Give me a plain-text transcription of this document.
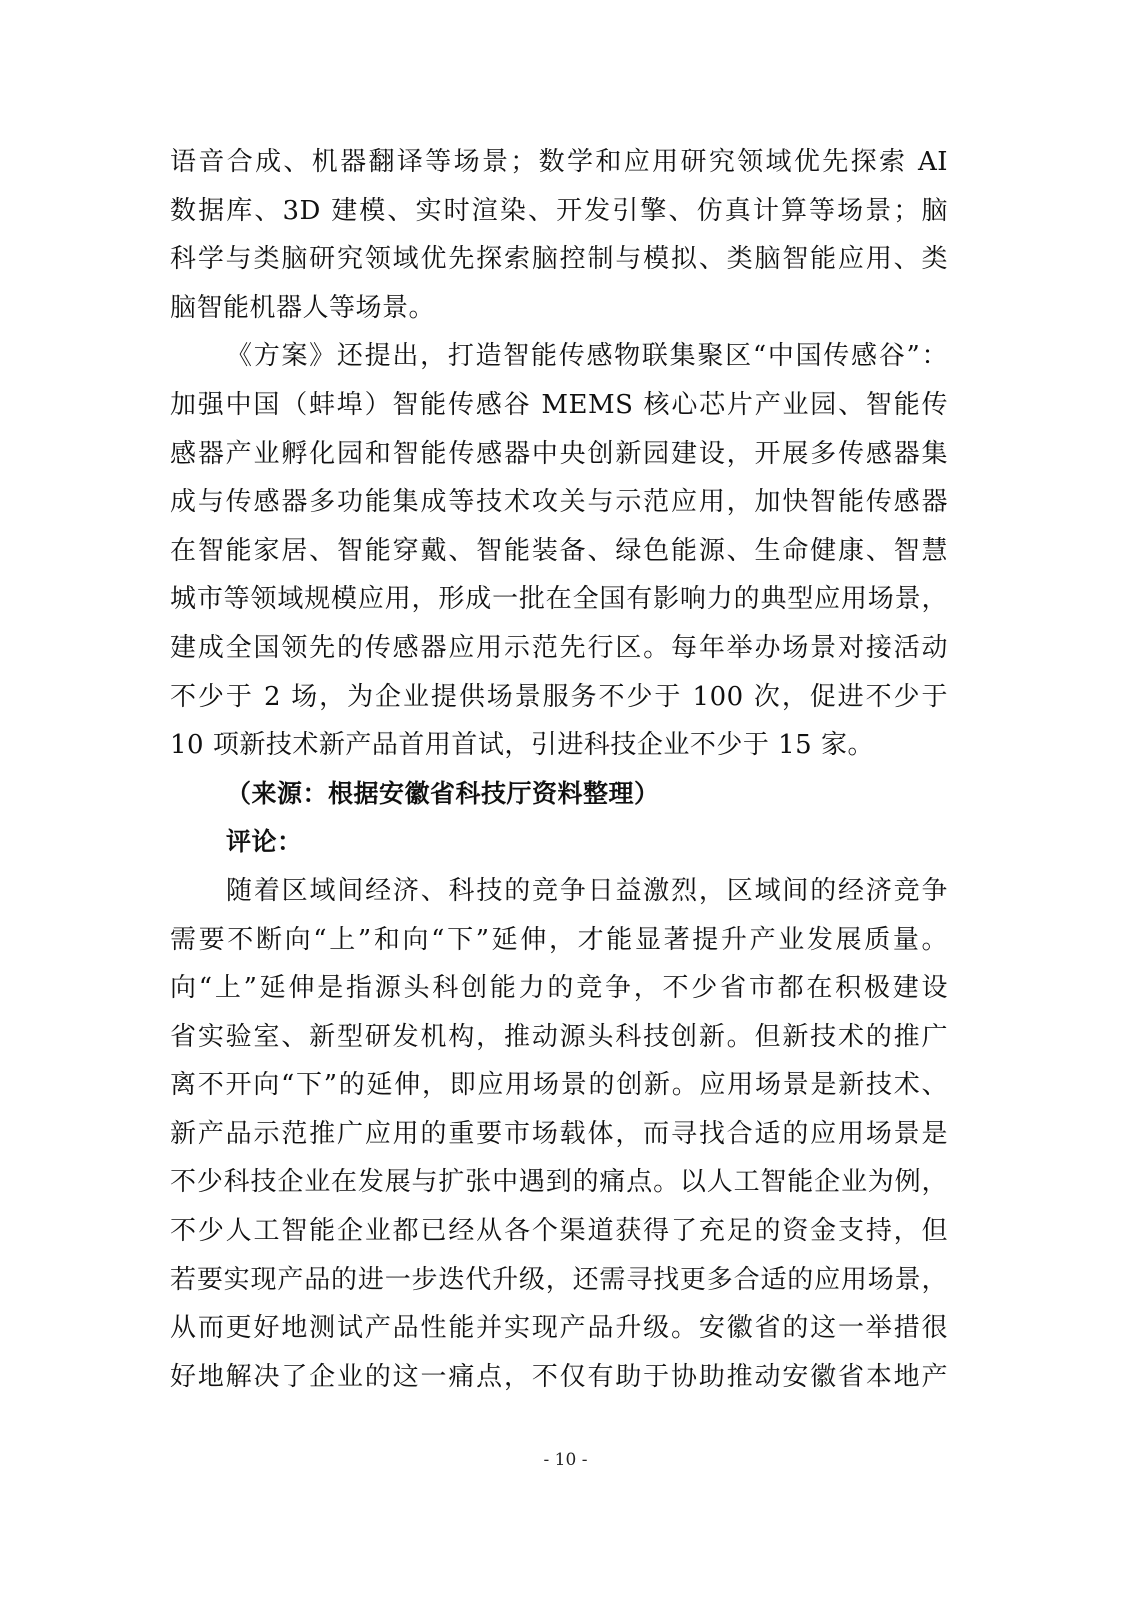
语音合成、机器翻译等场景；数学和应用研究领域优先探索 AI
数据库、3D 建模、实时渲染、开发引擎、仿真计算等场景；脑
科学与类脑研究领域优先探索脑控制与模拟、类脑智能应用、类
脑智能机器人等场景。
《方案》还提出，打造智能传感物联集聚区“中国传感谷”：
加强中国（蚌埠）智能传感谷 MEMS 核心芯片产业园、智能传
感器产业孵化园和智能传感器中央创新园建设，开展多传感器集
成与传感器多功能集成等技术攻关与示范应用，加快智能传感器
在智能家居、智能穿戴、智能装备、绿色能源、生命健康、智慧
城市等领域规模应用，形成一批在全国有影响力的典型应用场景，
建成全国领先的传感器应用示范先行区。每年举办场景对接活动
不少于 2 场，为企业提供场景服务不少于 100 次，促进不少于
10 项新技术新产品首用首试，引进科技企业不少于 15 家。
（来源：根据安徽省科技厅资料整理）
评论：
随着区域间经济、科技的竞争日益激烈，区域间的经济竞争
需要不断向“上”和向“下”延伸，才能显著提升产业发展质量。
向“上”延伸是指源头科创能力的竞争，不少省市都在积极建设
省实验室、新型研发机构，推动源头科技创新。但新技术的推广
离不开向“下”的延伸，即应用场景的创新。应用场景是新技术、
新产品示范推广应用的重要市场载体，而寻找合适的应用场景是
不少科技企业在发展与扩张中遇到的痛点。以人工智能企业为例，
不少人工智能企业都已经从各个渠道获得了充足的资金支持，但
若要实现产品的进一步迭代升级，还需寻找更多合适的应用场景，
从而更好地测试产品性能并实现产品升级。安徽省的这一举措很
好地解决了企业的这一痛点，不仅有助于协助推动安徽省本地产
- 10 -
